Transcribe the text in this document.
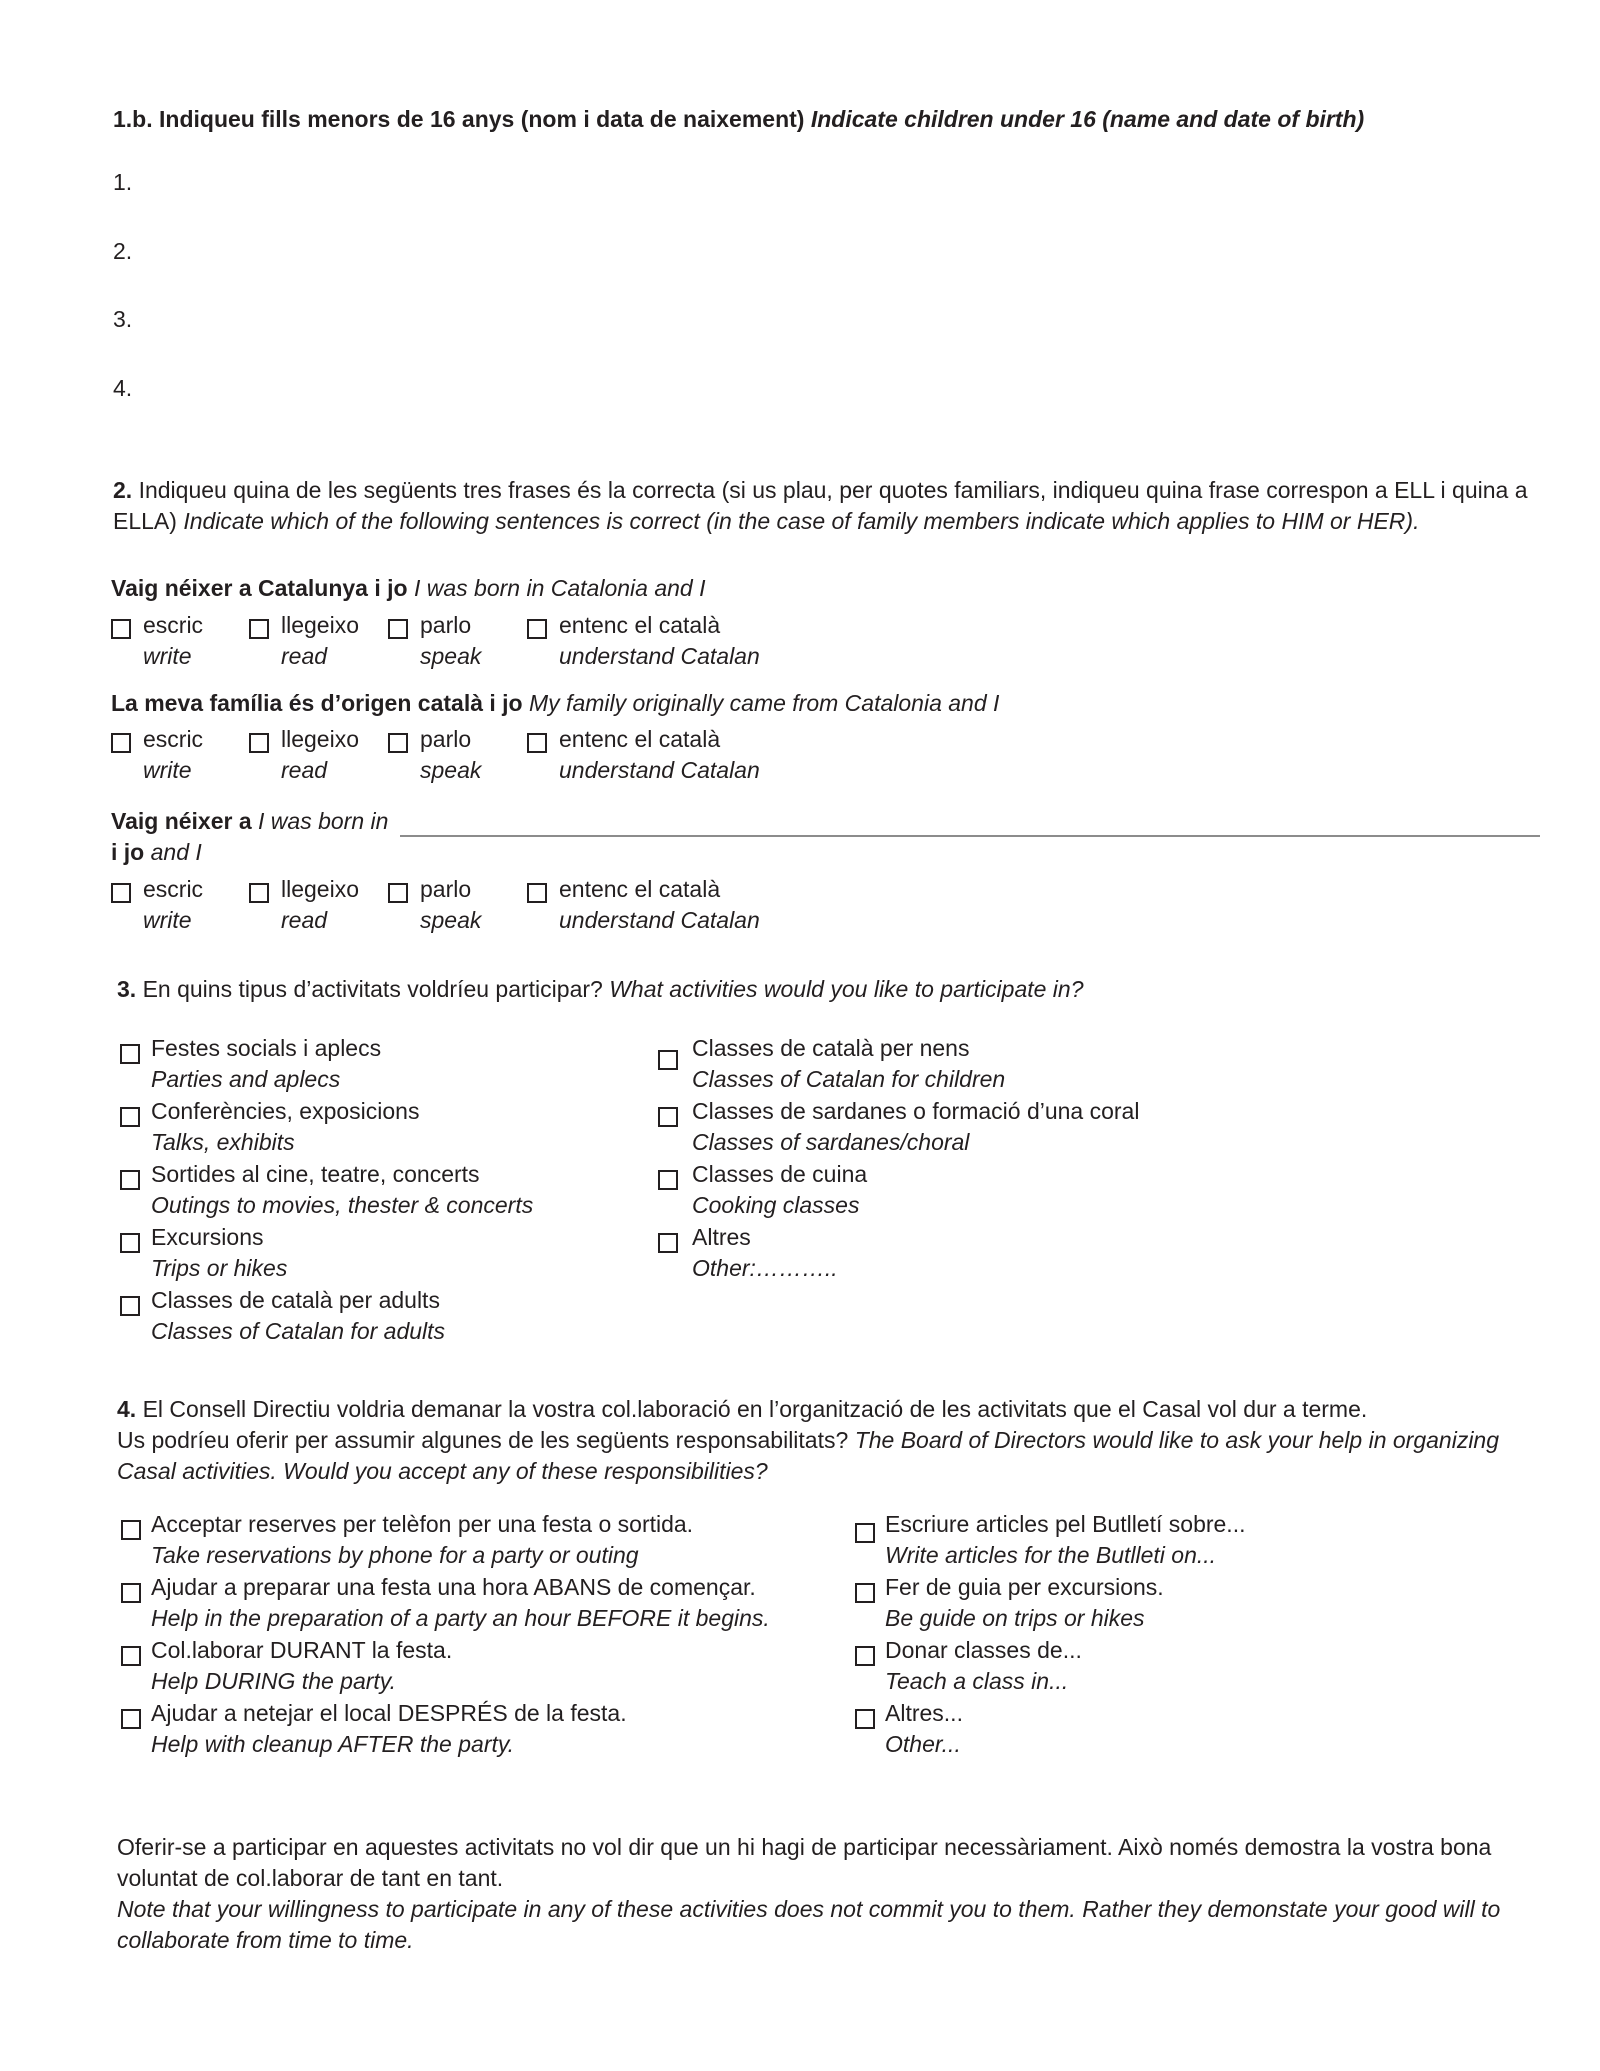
1.b. Indiqueu fills menors de 16 anys (nom i data de naixement) Indicate children under 16 (name and date of birth)
1.
2.
3.
4.
2. Indiqueu quina de les següents tres frases és la correcta (si us plau, per quotes familiars, indiqueu quina frase correspon a ELL i quina a ELLA) Indicate which of the following sentences is correct (in the case of family members indicate which applies to HIM or HER).
Vaig néixer a Catalunya i jo I was born in Catalonia and I
escric
write
llegeixo
read
parlo
speak
entenc el català
understand Catalan
La meva família és d’origen català i jo My family originally came from Catalonia and I
escric
write
llegeixo
read
parlo
speak
entenc el català
understand Catalan
Vaig néixer a I was born in
i jo and I
escric
write
llegeixo
read
parlo
speak
entenc el català
understand Catalan
3. En quins tipus d’activitats voldríeu participar? What activities would you like to participate in?
Festes socials i aplecs
Parties and aplecs
Conferències, exposicions
Talks, exhibits
Sortides al cine, teatre, concerts
Outings to movies, thester & concerts
Excursions
Trips or hikes
Classes de català per adults
Classes of Catalan for adults
Classes de català per nens
Classes of Catalan for children
Classes de sardanes o formació d’una coral
Classes of sardanes/choral
Classes de cuina
Cooking classes
Altres
Other:………..

4. El Consell Directiu voldria demanar la vostra col.laboració en l’organització de les activitats que el Casal vol dur a terme.

Us podríeu oferir per assumir algunes de les següents responsabilitats? The Board of Directors would like to ask your help in organizing Casal activities. Would you accept any of these responsibilities?

Acceptar reserves per telèfon per una festa o sortida.
Take reservations by phone for a party or outing
Ajudar a preparar una festa una hora ABANS de començar.
Help in the preparation of a party an hour BEFORE it begins.
Col.laborar DURANT la festa.
Help DURING the party.
Ajudar a netejar el local DESPRÉS de la festa.
Help with cleanup AFTER the party.
Escriure articles pel Butlletí sobre...
Write articles for the Butlleti on...
Fer de guia per excursions.
Be guide on trips or hikes
Donar classes de...
Teach a class in...
Altres...
Other...

Oferir-se a participar en aquestes activitats no vol dir que un hi hagi de participar necessàriament. Això només demostra la vostra bona voluntat de col.laborar de tant en tant.

Note that your willingness to participate in any of these activities does not commit you to them. Rather they demonstate your good will to collaborate from time to time.
